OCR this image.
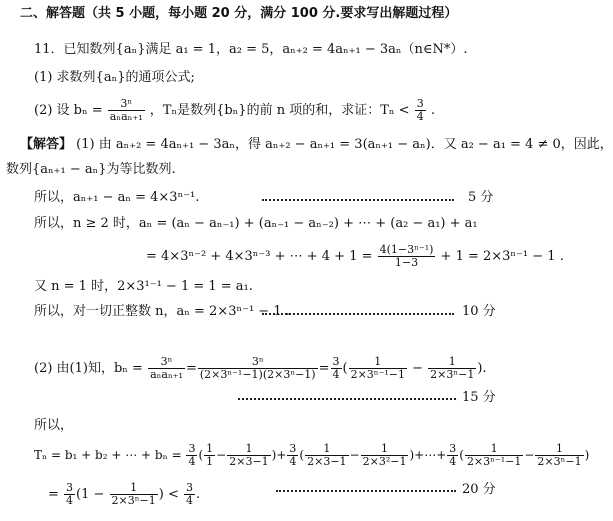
二、解答题（共 5 小题，每小题 20 分，满分 100 分.要求写出解题过程）
11．已知数列{aₙ}满足 a₁ = 1，a₂ = 5，aₙ₊₂ = 4aₙ₊₁ − 3aₙ（n∈N*）.
(1) 求数列{aₙ}的通项公式;
(2) 设 $b_n = \frac{\text{3ⁿ}}{\text{aₙaₙ₊₁}}$ ，Tₙ是数列{bₙ}的前 n 项的和，求证：$T_n < \frac{3}{4}$ .
【解答】 (1) 由 aₙ₊₂ = 4aₙ₊₁ − 3aₙ，得 aₙ₊₂ − aₙ₊₁ = 3(aₙ₊₁ − aₙ)．又 a₂ − a₁ = 4 ≠ 0，因此，
数列{aₙ₊₁ − aₙ}为等比数列.
所以，aₙ₊₁ − aₙ = 4×3ⁿ⁻¹.	5 分
所以，n ≥ 2 时，aₙ = (aₙ − aₙ₋₁) + (aₙ₋₁ − aₙ₋₂) + ⋯ + (a₂ − a₁) + a₁
= 4×3ⁿ⁻² + 4×3ⁿ⁻³ + ⋯ + $4 + 1 = \frac{\text{4(1−3ⁿ⁻¹)}}{1-3} + 1 = 2\times 3^{n-1} - 1$ .
又 n = 1 时，2×3¹⁻¹ − 1 = 1 = a₁.
所以，对一切正整数 n，aₙ = 2×3ⁿ⁻¹ − 1 .	10 分
(2) 由(1)知，$b_n = \frac{\text{3ⁿ}}{\text{aₙaₙ₊₁}} = \frac{\text{3ⁿ}}{\text{(2×3ⁿ⁻¹−1)(2×3ⁿ−1)}} = \frac{3}{4}$ ( $\frac{1}{\text{2×3ⁿ⁻¹−1}} - \frac{1}{\text{2×3ⁿ−1}}$ ).
15 分
所以，
Tₙ = b₁ + b₂ + ⋯ + $b_n = \frac{3}{4}$ ( $\frac{1}{1} - \frac{1}{2\times 3-1}$ )+ $\frac{3}{4}$ ( $\frac{1}{2\times 3-1} - \frac{1}{\text{2×3²−1}}$ )+⋯+ $\frac{3}{4}$ ( $\frac{1}{\text{2×3ⁿ⁻¹−1}} - \frac{1}{\text{2×3ⁿ−1}}$ )
= $\frac{3}{4} (1 - \frac{1}{\text{2×3ⁿ−1}}$ ) < $\frac{3}{4}$ .	20 分
